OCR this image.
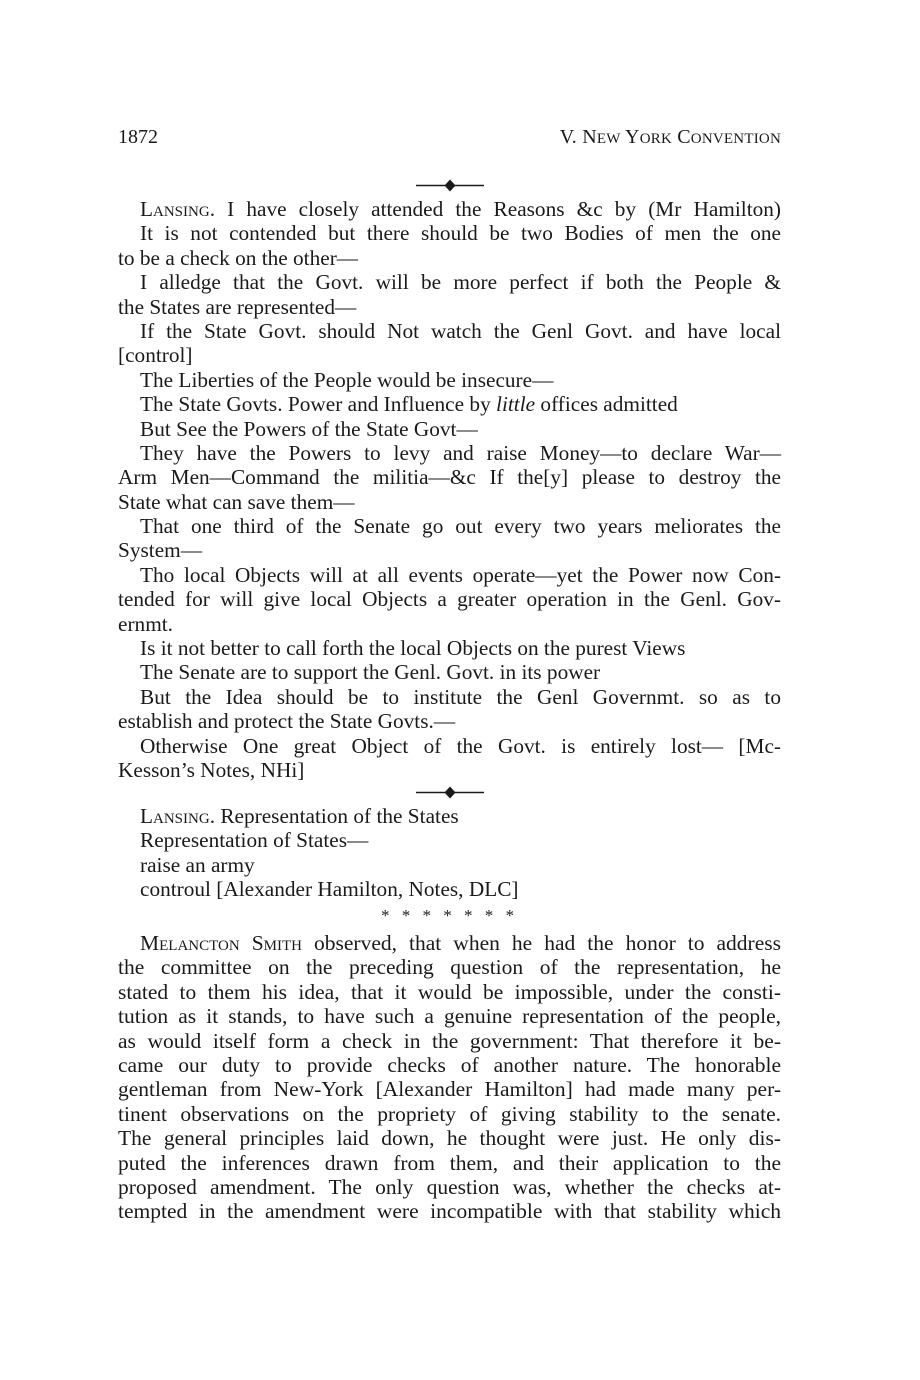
1872	V. NEW YORK CONVENTION
Lansing. I have closely attended the Reasons &c by (Mr Hamilton)
It is not contended but there should be two Bodies of men the one
to be a check on the other—
I alledge that the Govt. will be more perfect if both the People &
the States are represented—
If the State Govt. should Not watch the Genl Govt. and have local
[control]
The Liberties of the People would be insecure—
The State Govts. Power and Influence by little offices admitted
But See the Powers of the State Govt—
They have the Powers to levy and raise Money—to declare War—
Arm Men—Command the militia—&c If the[y] please to destroy the
State what can save them—
That one third of the Senate go out every two years meliorates the
System—
Tho local Objects will at all events operate—yet the Power now Con-
tended for will give local Objects a greater operation in the Genl. Gov-
ernmt.
Is it not better to call forth the local Objects on the purest Views
The Senate are to support the Genl. Govt. in its power
But the Idea should be to institute the Genl Governmt. so as to
establish and protect the State Govts.—
Otherwise One great Object of the Govt. is entirely lost— [Mc-
Kesson’s Notes, NHi]
Lansing. Representation of the States
Representation of States—
raise an army
controul [Alexander Hamilton, Notes, DLC]
* * * * * * *
Melancton Smith observed, that when he had the honor to address
the committee on the preceding question of the representation, he
stated to them his idea, that it would be impossible, under the consti-
tution as it stands, to have such a genuine representation of the people,
as would itself form a check in the government: That therefore it be-
came our duty to provide checks of another nature. The honorable
gentleman from New-York [Alexander Hamilton] had made many per-
tinent observations on the propriety of giving stability to the senate.
The general principles laid down, he thought were just. He only dis-
puted the inferences drawn from them, and their application to the
proposed amendment. The only question was, whether the checks at-
tempted in the amendment were incompatible with that stability which
